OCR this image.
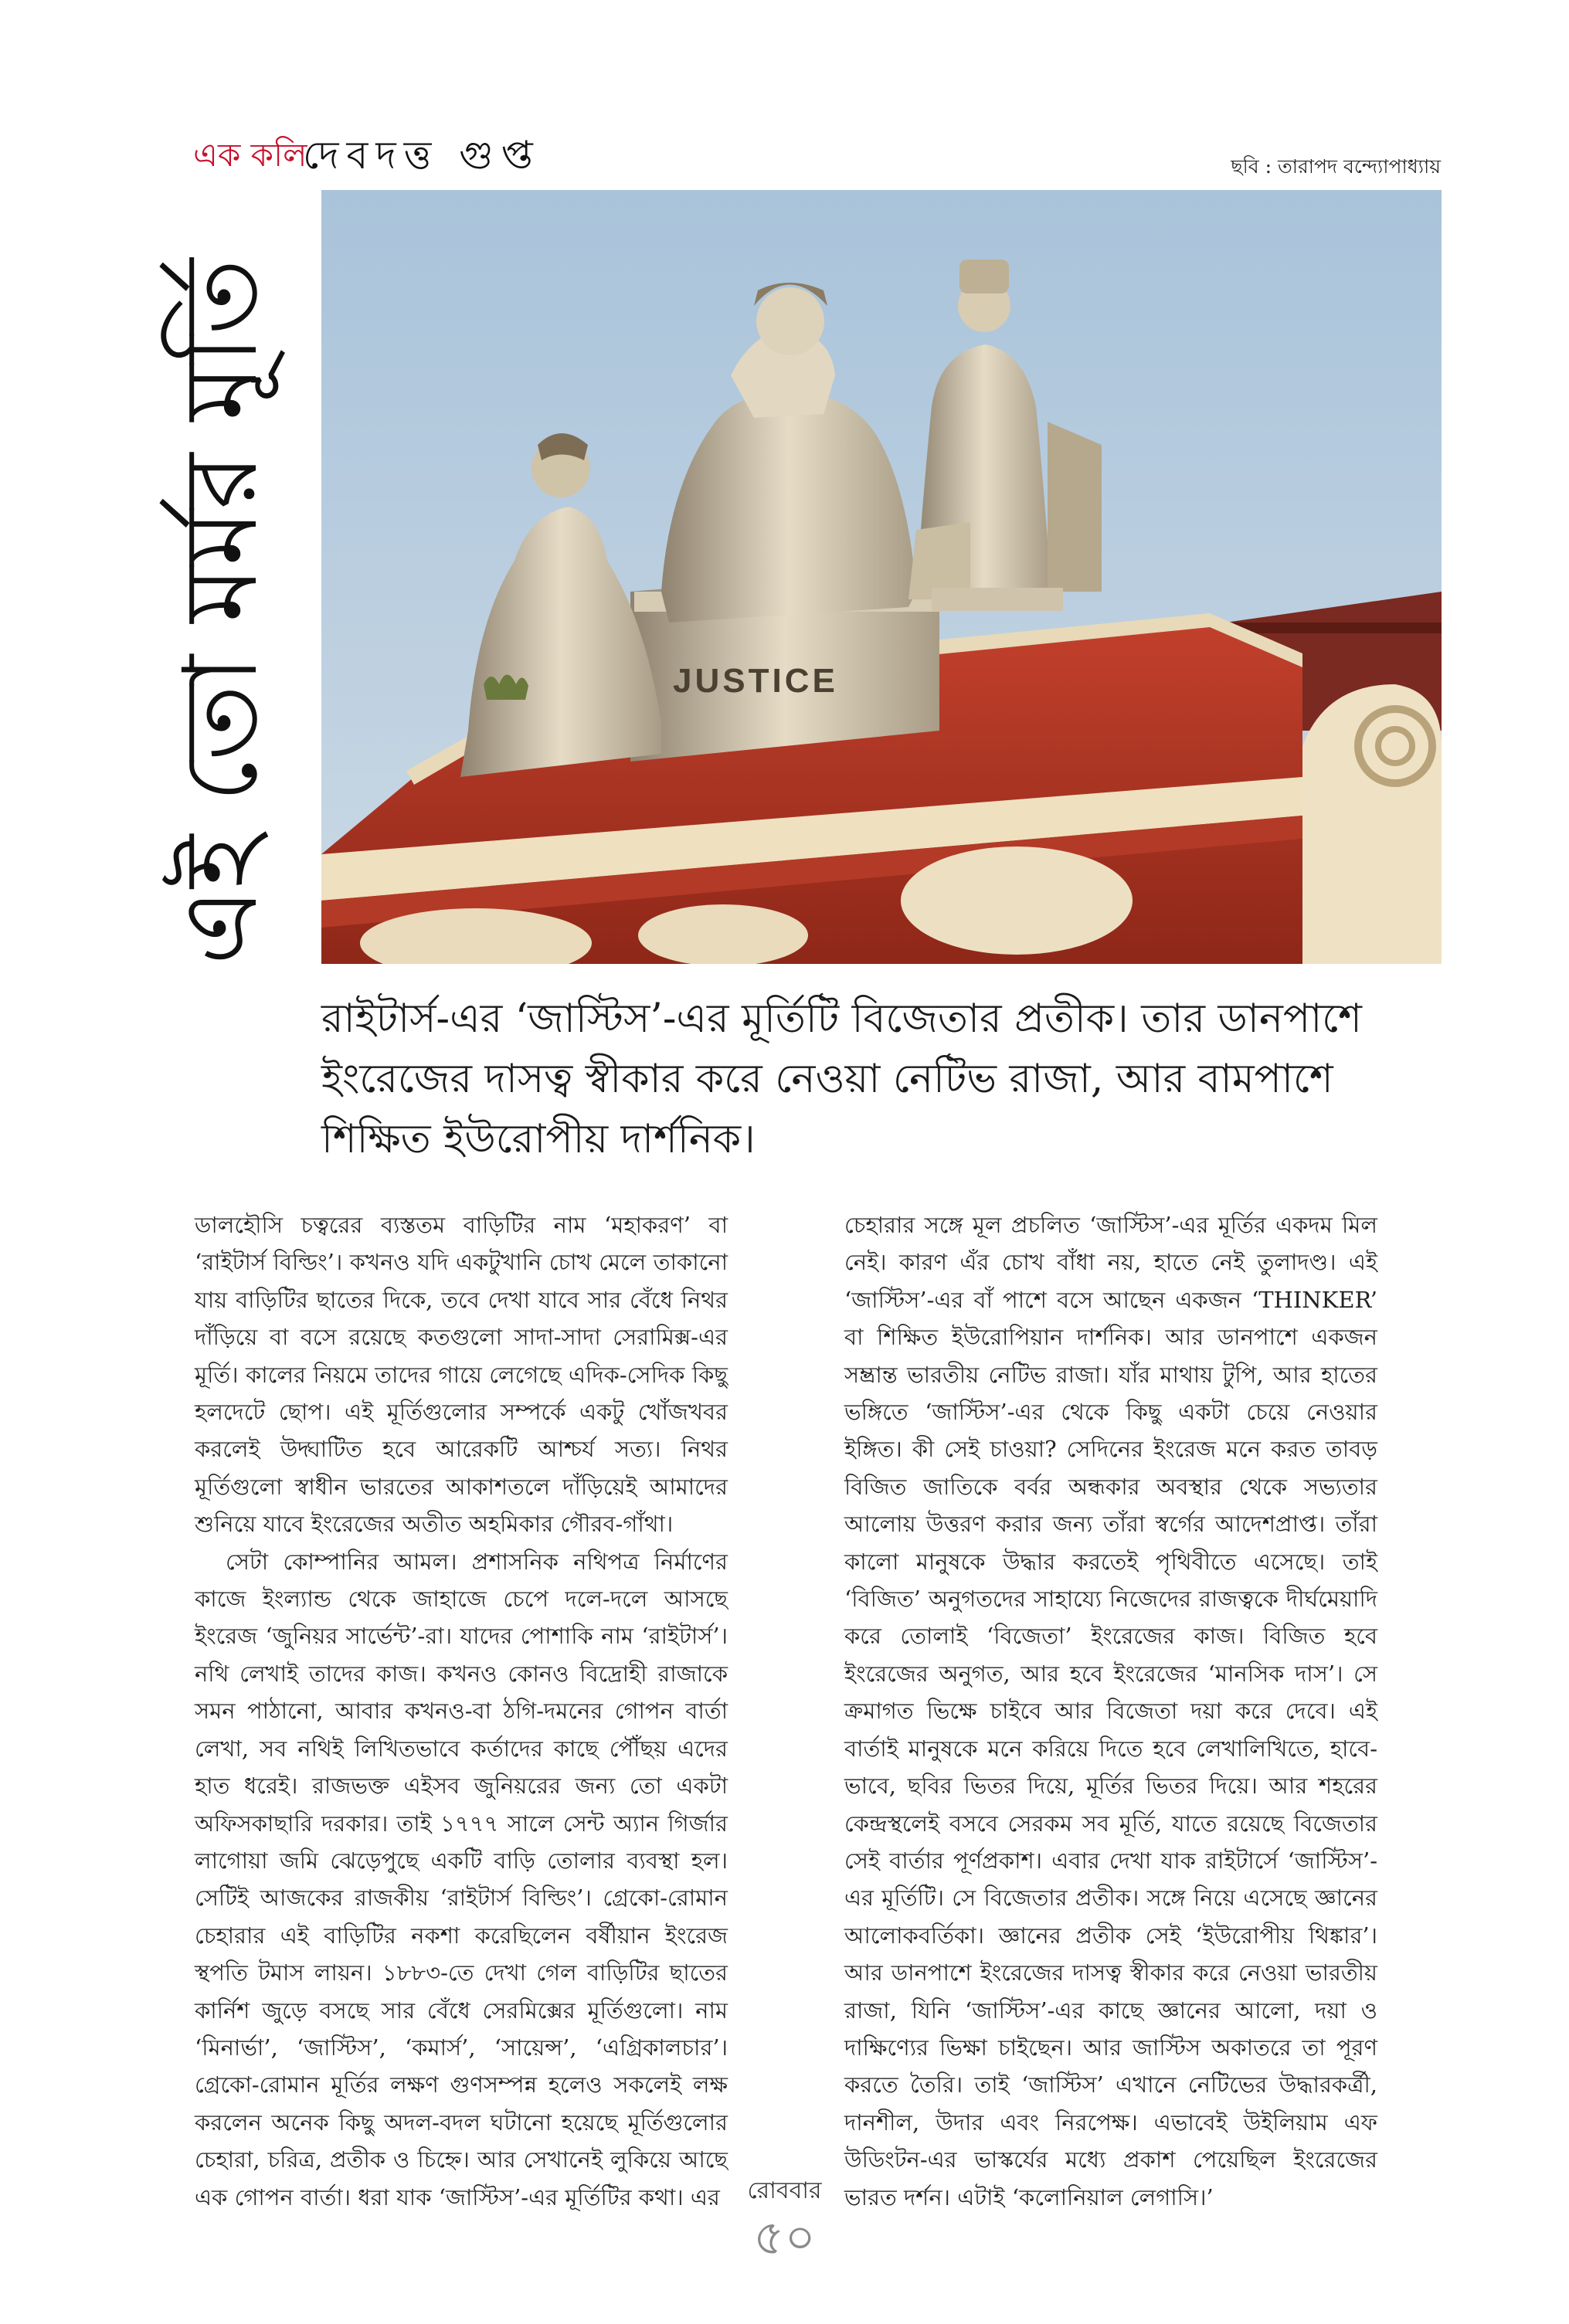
এক কলি
দেবদত্ত গুপ্ত	ছবি : তারাপদ বন্দ্যোপাধ্যায়
এই তো মর্মর মূর্তি	JUSTICE
রাইটার্স-এর ‘জাস্টিস’-এর মূর্তিটি বিজেতার প্রতীক। তার ডানপাশে ইংরেজের দাসত্ব স্বীকার করে নেওয়া নেটিভ রাজা, আর বামপাশে শিক্ষিত ইউরোপীয় দার্শনিক।

ডালহৌসি চত্বরের ব্যস্ততম বাড়িটির নাম ‘মহাকরণ’ বা ‘রাইটার্স বিল্ডিং’। কখনও যদি একটুখানি চোখ মেলে তাকানো যায় বাড়িটির ছাতের দিকে, তবে দেখা যাবে সার বেঁধে নিথর দাঁড়িয়ে বা বসে রয়েছে কতগুলো সাদা-সাদা সেরামিক্স-এর মূর্তি। কালের নিয়মে তাদের গায়ে লেগেছে এদিক-সেদিক কিছু হলদেটে ছোপ। এই মূর্তিগুলোর সম্পর্কে একটু খোঁজখবর করলেই উদ্ঘাটিত হবে আরেকটি আশ্চর্য সত্য। নিথর মূর্তিগুলো স্বাধীন ভারতের আকাশতলে দাঁড়িয়েই আমাদের শুনিয়ে যাবে ইংরেজের অতীত অহমিকার গৌরব-গাঁথা।

সেটা কোম্পানির আমল। প্রশাসনিক নথিপত্র নির্মাণের কাজে ইংল্যান্ড থেকে জাহাজে চেপে দলে-দলে আসছে ইংরেজ ‘জুনিয়র সার্ভেন্ট’-রা। যাদের পোশাকি নাম ‘রাইটার্স’। নথি লেখাই তাদের কাজ। কখনও কোনও বিদ্রোহী রাজাকে সমন পাঠানো, আবার কখনও-বা ঠগি-দমনের গোপন বার্তা লেখা, সব নথিই লিখিতভাবে কর্তাদের কাছে পৌঁছয় এদের হাত ধরেই। রাজভক্ত এইসব জুনিয়রের জন্য তো একটা অফিসকাছারি দরকার। তাই ১৭৭৭ সালে সেন্ট অ্যান গির্জার লাগোয়া জমি ঝেড়েপুছে একটি বাড়ি তোলার ব্যবস্থা হল। সেটিই আজকের রাজকীয় ‘রাইটার্স বিল্ডিং’। গ্রেকো-রোমান চেহারার এই বাড়িটির নকশা করেছিলেন বর্ষীয়ান ইংরেজ স্থপতি টমাস লায়ন। ১৮৮৩-তে দেখা গেল বাড়িটির ছাতের কার্নিশ জুড়ে বসছে সার বেঁধে সেরমিক্সের মূর্তিগুলো। নাম ‘মিনার্ভা’, ‘জাস্টিস’, ‘কমার্স’, ‘সায়েন্স’, ‘এগ্রিকালচার’। গ্রেকো-রোমান মূর্তির লক্ষণ গুণসম্পন্ন হলেও সকলেই লক্ষ করলেন অনেক কিছু অদল-বদল ঘটানো হয়েছে মূর্তিগুলোর চেহারা, চরিত্র, প্রতীক ও চিহ্নে। আর সেখানেই লুকিয়ে আছে এক গোপন বার্তা। ধরা যাক ‘জাস্টিস’-এর মূর্তিটির কথা। এর

চেহারার সঙ্গে মূল প্রচলিত ‘জাস্টিস’-এর মূর্তির একদম মিল নেই। কারণ এঁর চোখ বাঁধা নয়, হাতে নেই তুলাদণ্ড। এই ‘জাস্টিস’-এর বাঁ পাশে বসে আছেন একজন ‘THINKER’ বা শিক্ষিত ইউরোপিয়ান দার্শনিক। আর ডানপাশে একজন সম্ভ্রান্ত ভারতীয় নেটিভ রাজা। যাঁর মাথায় টুপি, আর হাতের ভঙ্গিতে ‘জাস্টিস’-এর থেকে কিছু একটা চেয়ে নেওয়ার ইঙ্গিত। কী সেই চাওয়া? সেদিনের ইংরেজ মনে করত তাবড় বিজিত জাতিকে বর্বর অন্ধকার অবস্থার থেকে সভ্যতার আলোয় উত্তরণ করার জন্য তাঁরা স্বর্গের আদেশপ্রাপ্ত। তাঁরা কালো মানুষকে উদ্ধার করতেই পৃথিবীতে এসেছে। তাই ‘বিজিত’ অনুগতদের সাহায্যে নিজেদের রাজত্বকে দীর্ঘমেয়াদি করে তোলাই ‘বিজেতা’ ইংরেজের কাজ। বিজিত হবে ইংরেজের অনুগত, আর হবে ইংরেজের ‘মানসিক দাস’। সে ক্রমাগত ভিক্ষে চাইবে আর বিজেতা দয়া করে দেবে। এই বার্তাই মানুষকে মনে করিয়ে দিতে হবে লেখালিখিতে, হাবে-ভাবে, ছবির ভিতর দিয়ে, মূর্তির ভিতর দিয়ে। আর শহরের কেন্দ্রস্থলেই বসবে সেরকম সব মূর্তি, যাতে রয়েছে বিজেতার সেই বার্তার পূর্ণপ্রকাশ। এবার দেখা যাক রাইটার্সে ‘জাস্টিস’-এর মূর্তিটি। সে বিজেতার প্রতীক। সঙ্গে নিয়ে এসেছে জ্ঞানের আলোকবর্তিকা। জ্ঞানের প্রতীক সেই ‘ইউরোপীয় থিঙ্কার’। আর ডানপাশে ইংরেজের দাসত্ব স্বীকার করে নেওয়া ভারতীয় রাজা, যিনি ‘জাস্টিস’-এর কাছে জ্ঞানের আলো, দয়া ও দাক্ষিণ্যের ভিক্ষা চাইছেন। আর জাস্টিস অকাতরে তা পূরণ করতে তৈরি। তাই ‘জাস্টিস’ এখানে নেটিভের উদ্ধারকর্ত্রী, দানশীল, উদার এবং নিরপেক্ষ। এভাবেই উইলিয়াম এফ উডিংটন-এর ভাস্কর্যের মধ্যে প্রকাশ পেয়েছিল ইংরেজের ভারত দর্শন। এটাই ‘কলোনিয়াল লেগাসি।’

রোববার
৫০
